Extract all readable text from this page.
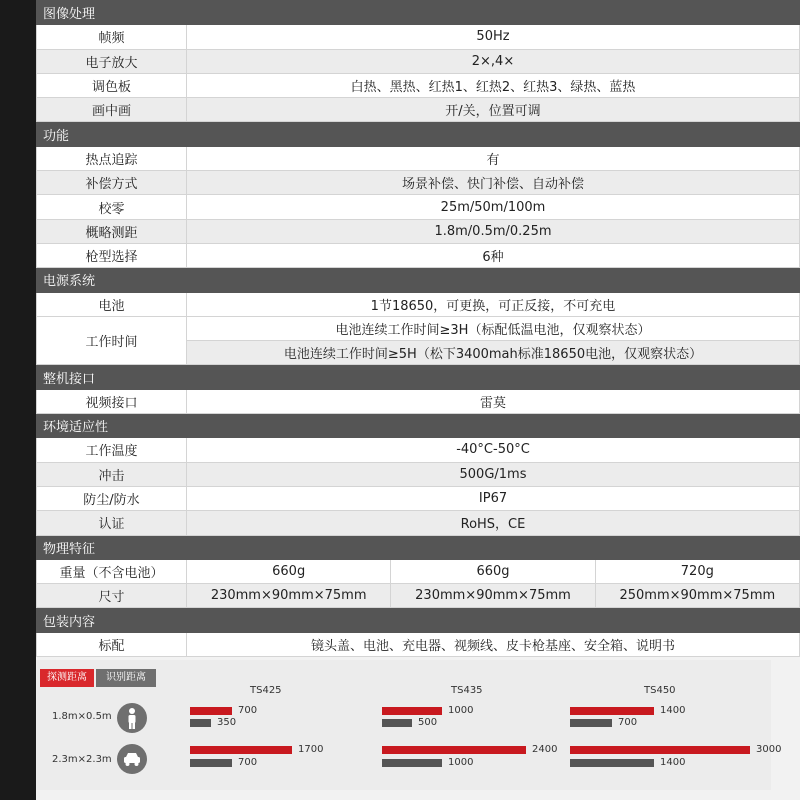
图像处理			
帧频	50Hz		
电子放大	2×,4×		
调色板	白热、黑热、红热1、红热2、红热3、绿热、蓝热		
画中画	开/关，位置可调		
功能			
热点追踪	有		
补偿方式	场景补偿、快门补偿、自动补偿		
校零	25m/50m/100m		
概略测距	1.8m/0.5m/0.25m		
枪型选择	6种		
电源系统			
电池	1节18650，可更换，可正反接，不可充电		
工作时间	电池连续工作时间≥3H（标配低温电池，仅观察状态）		
	电池连续工作时间≥5H（松下3400mah标准18650电池，仅观察状态）		
整机接口			
视频接口	雷莫		
环境适应性			
工作温度	-40°C-50°C		
冲击	500G/1ms		
防尘/防水	IP67		
认证	RoHS，CE		
物理特征			
重量（不含电池）	660g	660g	720g
尺寸	230mm×90mm×75mm	230mm×90mm×75mm	250mm×90mm×75mm
包装内容			
标配	镜头盖、电池、充电器、视频线、皮卡枪基座、安全箱、说明书		
探测距离	识别距离
TS425	TS435	TS450
1.8m×0.5m
2.3m×2.3m
700
350
1000
500
1400
700
1700
700
2400
1000
3000
1400
